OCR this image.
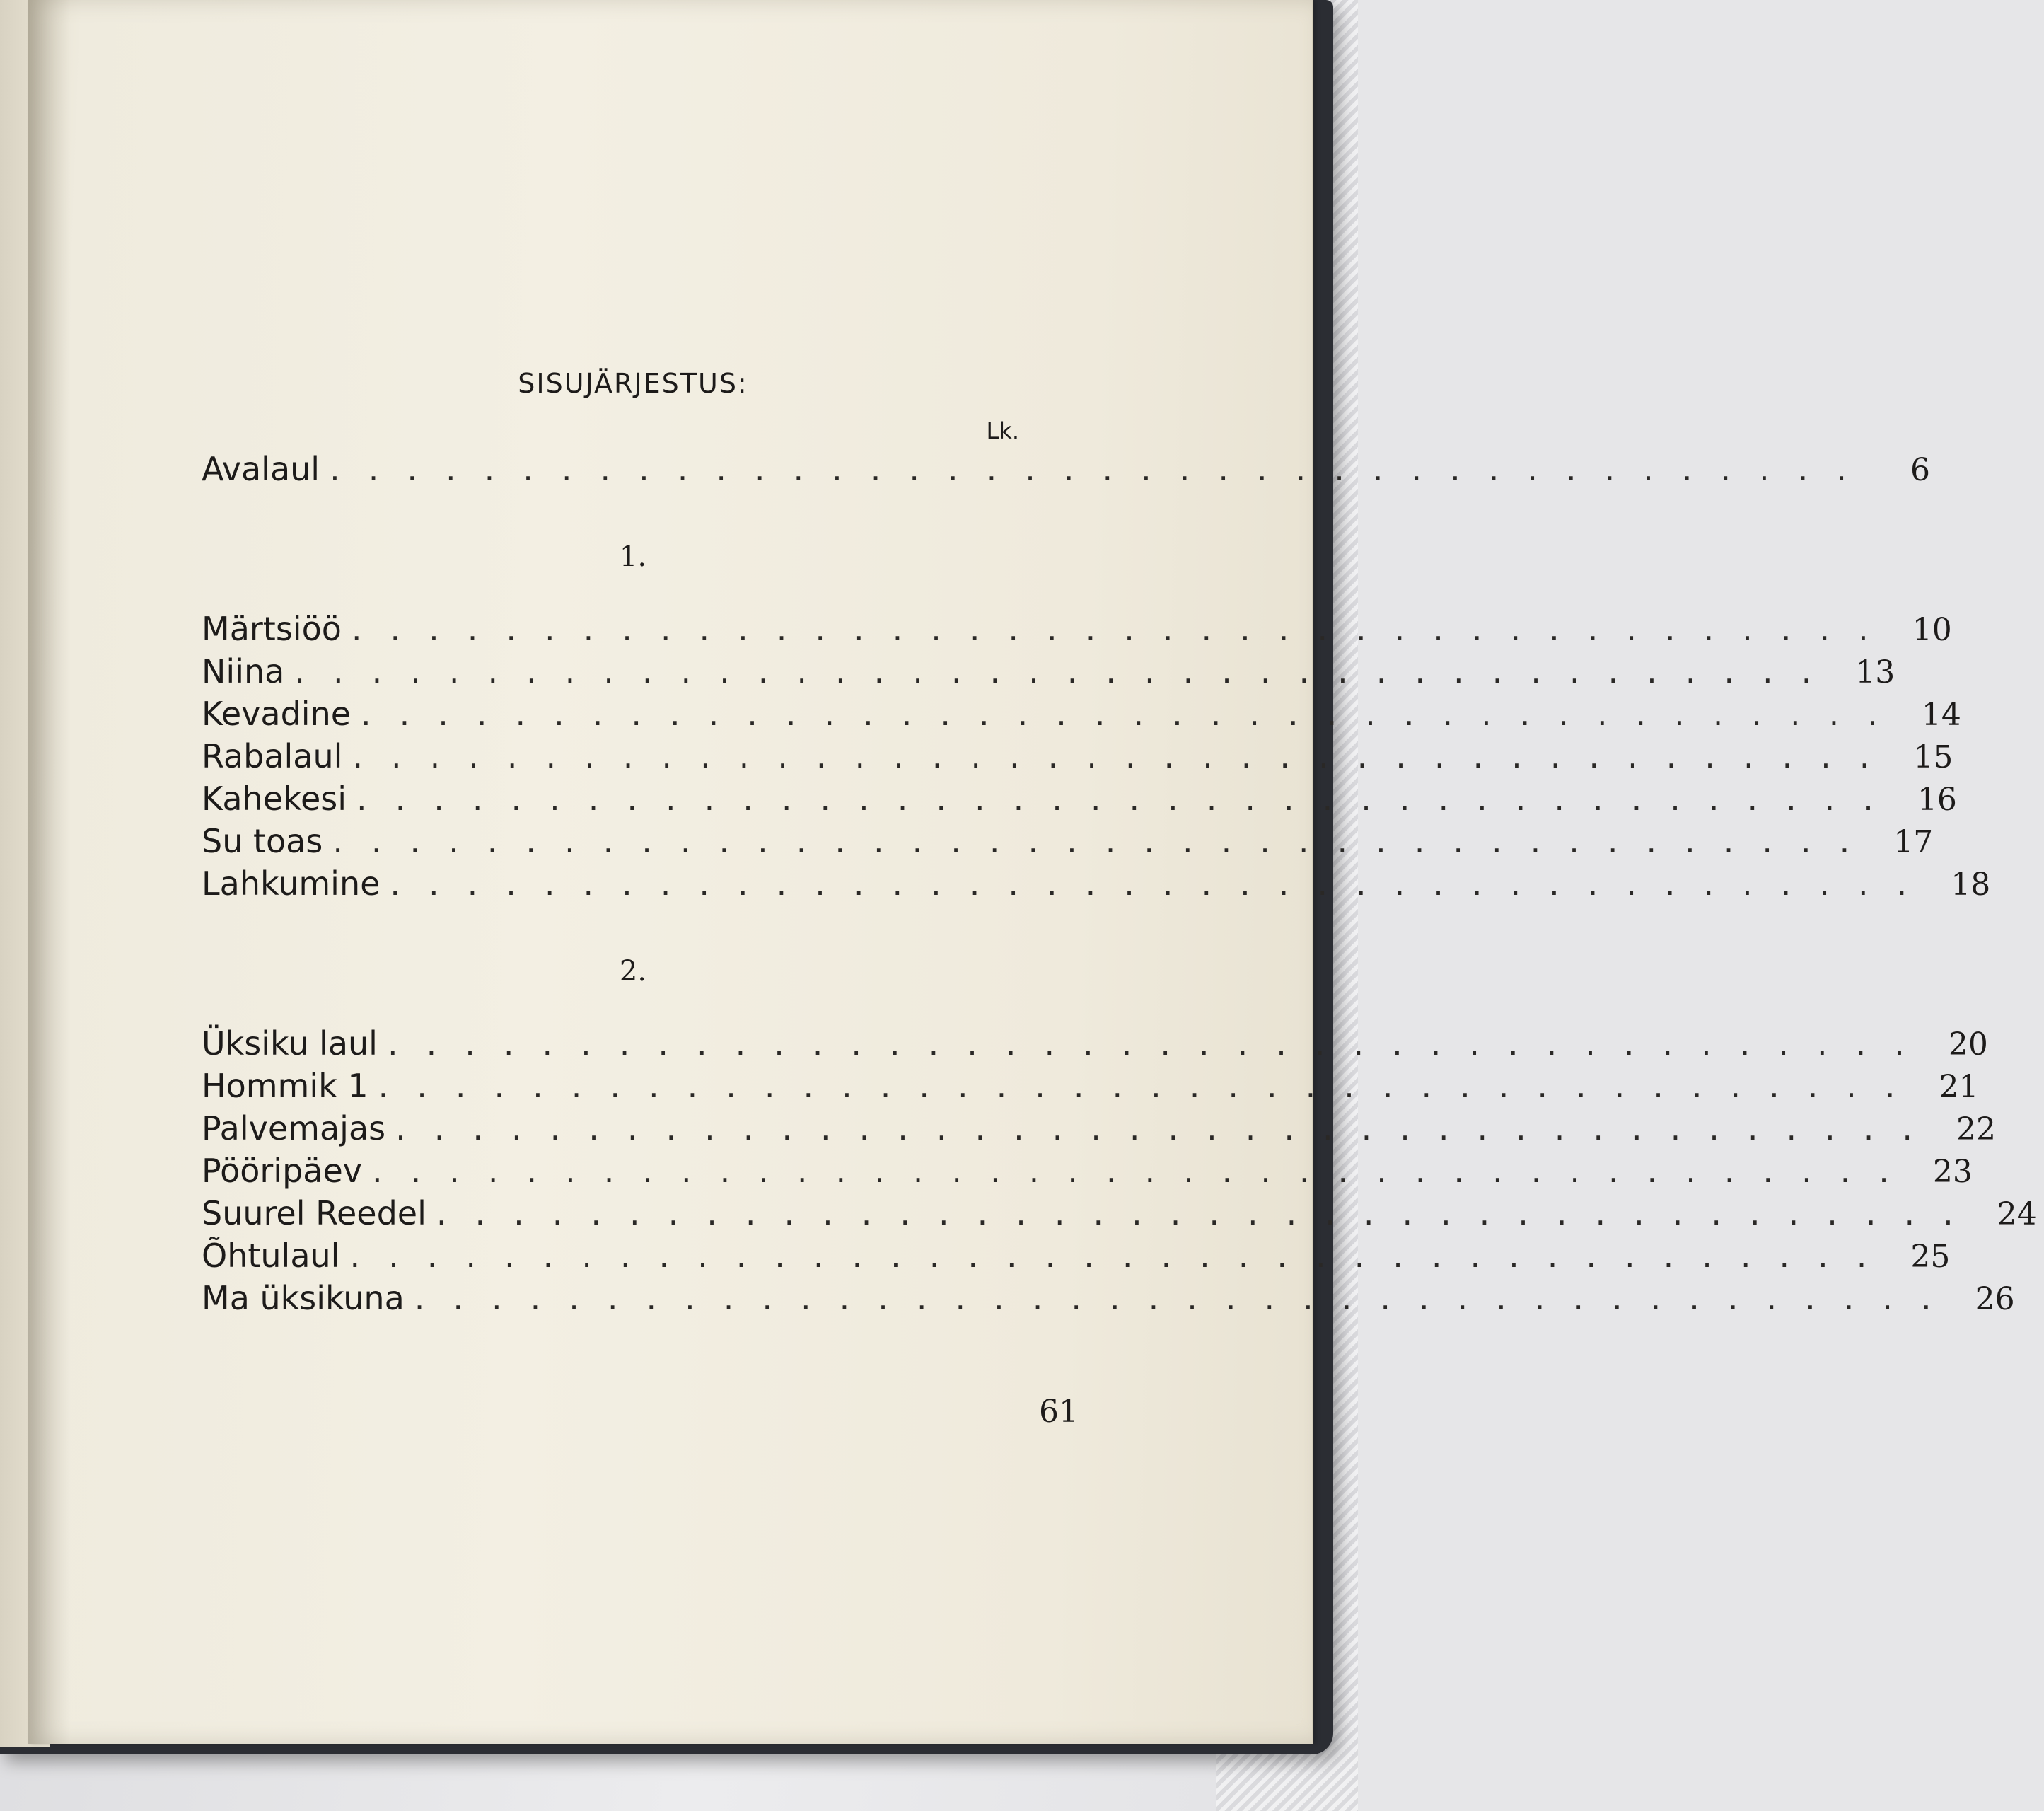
SISUJÄRJESTUS:
Lk.
Avalaul ........................................	6
1.
Märtsiöö ........................................ 10
Niina ........................................ 13
Kevadine ........................................ 14
Rabalaul ........................................ 15
Kahekesi ........................................ 16
Su toas ........................................ 17
Lahkumine ........................................ 18
2.
Üksiku laul ........................................ 20
Hommik 1 ........................................ 21
Palvemajas ........................................ 22
Pööripäev ........................................ 23
Suurel Reedel ........................................ 24
Õhtulaul ........................................ 25
Ma üksikuna ........................................ 26
61
